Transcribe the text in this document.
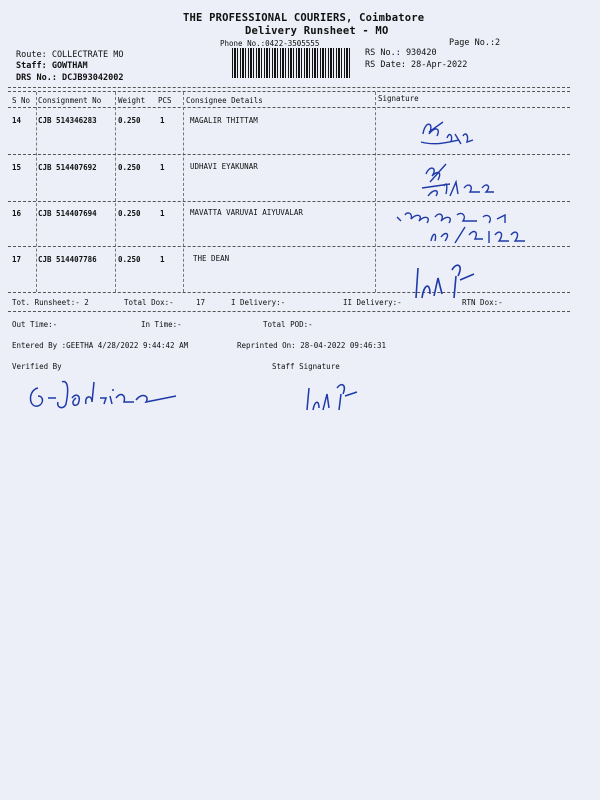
THE PROFESSIONAL COURIERS, Coimbatore
Delivery Runsheet - MO
Phone No.:0422-3505555	Page No.:2
Route: COLLECTRATE MO
Staff: GOWTHAM
DRS No.: DCJB93042002
RS No.: 930420
RS Date: 28-Apr-2022
S No Consignment No Weight PCS Consignee Details	Signature
14 CJB 514346283	0.250	1	MAGALIR THITTAM
15 CJB 514407692	0.250	1	UDHAVI EYAKUNAR
16 CJB 514407694	0.250	1	MAVATTA VARUVAI AIYUVALAR
17 CJB 514407786	0.250	1	THE DEAN
Tot. Runsheet:- 2	Total Dox:-	17	I Delivery:-	II Delivery:-	RTN Dox:-
Out Time:-	In Time:-	Total POD:-
Entered By :GEETHA 4/28/2022 9:44:42 AM	Reprinted On: 28-04-2022 09:46:31
Verified By	Staff Signature
